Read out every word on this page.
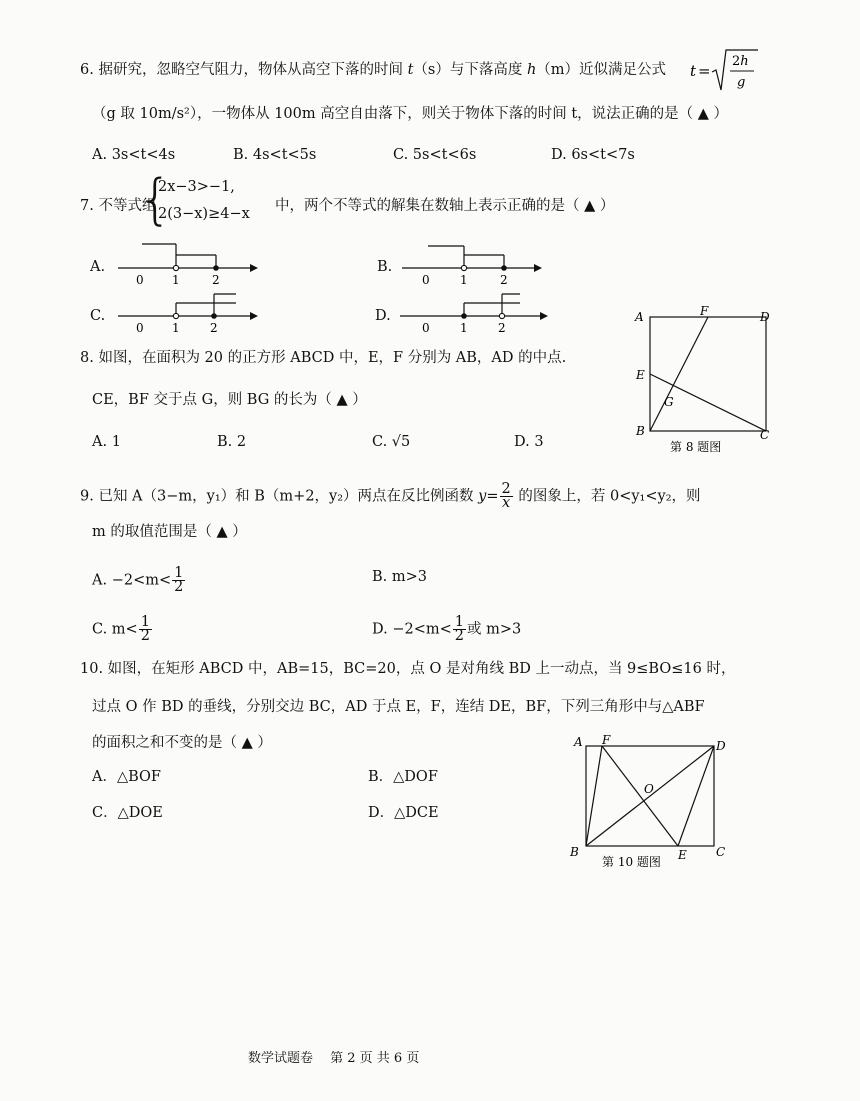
6. 据研究，忽略空气阻力，物体从高空下落的时间 t（s）与下落高度 h（m）近似满足公式 t =
2h
g
（g 取 10m/s²），一物体从 100m 高空自由落下，则关于物体下落的时间 t，说法正确的是（ ▲ ）
A. 3s<t<4s	B. 4s<t<5s	C. 5s<t<6s	D. 6s<t<7s
7. 不等式组
{
2x−3>−1,
2(3−x)≥4−x 中，两个不等式的解集在数轴上表示正确的是（ ▲ ）
A.
0 1	2
B.
0	1	2
C.
0 1	2
D.
0	1	2
A	F	D
E
G
B	C
第 8 题图
8. 如图，在面积为 20 的正方形 ABCD 中，E，F 分别为 AB，AD 的中点.
CE，BF 交于点 G，则 BG 的长为（ ▲ ）
A. 1	B. 2	C. √5	D. 3
9. 已知 A（3−m，y₁）和 B（m+2，y₂）两点在反比例函数 $y= \frac{2}{x}$ 的图象上，若 0<y₁<y₂，则
m 的取值范围是（ ▲ ）
A. $-2<m< \frac{1}{2}$	B. m>3
C. $m< \frac{1}{2}$	D. $-2<m< \frac{1}{2}$ 或 m>3
10. 如图，在矩形 ABCD 中，AB=15，BC=20，点 O 是对角线 BD 上一动点，当 9≤BO≤16 时，
过点 O 作 BD 的垂线，分别交边 BC，AD 于点 E，F，连结 DE，BF，下列三角形中与△ABF
的面积之和不变的是（ ▲ ）
A．△BOF	B．△DOF
C．△DOE	D．△DCE
A F	D
O
B	E C
第 10 题图
数学试题卷　 第 2 页 共 6 页
